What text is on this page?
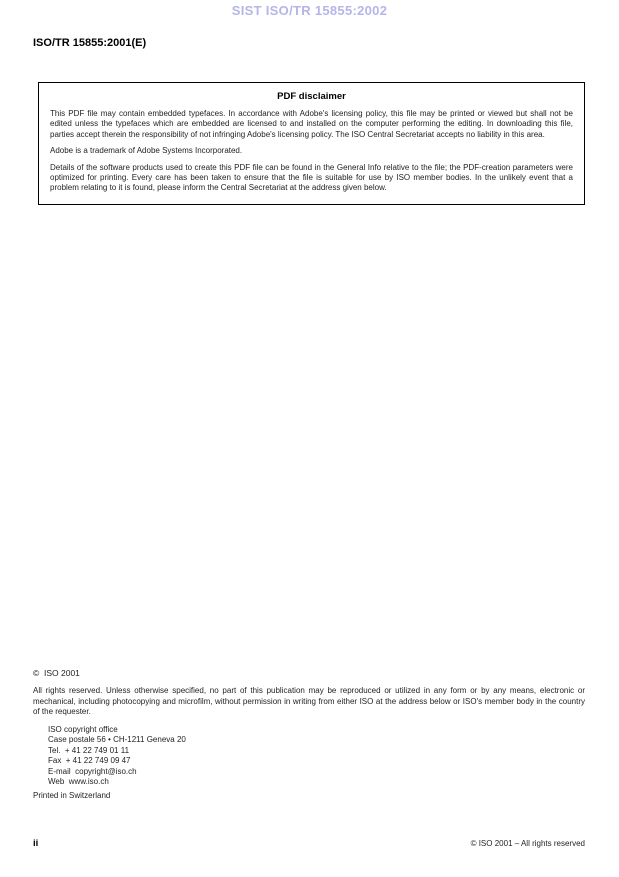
SIST ISO/TR 15855:2002
ISO/TR 15855:2001(E)
PDF disclaimer

This PDF file may contain embedded typefaces. In accordance with Adobe's licensing policy, this file may be printed or viewed but shall not be edited unless the typefaces which are embedded are licensed to and installed on the computer performing the editing. In downloading this file, parties accept therein the responsibility of not infringing Adobe's licensing policy. The ISO Central Secretariat accepts no liability in this area.

Adobe is a trademark of Adobe Systems Incorporated.

Details of the software products used to create this PDF file can be found in the General Info relative to the file; the PDF-creation parameters were optimized for printing. Every care has been taken to ensure that the file is suitable for use by ISO member bodies. In the unlikely event that a problem relating to it is found, please inform the Central Secretariat at the address given below.

©  ISO 2001

All rights reserved. Unless otherwise specified, no part of this publication may be reproduced or utilized in any form or by any means, electronic or mechanical, including photocopying and microfilm, without permission in writing from either ISO at the address below or ISO's member body in the country of the requester.

ISO copyright office
Case postale 56 • CH-1211 Geneva 20
Tel.  + 41 22 749 01 11
Fax  + 41 22 749 09 47
E-mail  copyright@iso.ch
Web  www.iso.ch
Printed in Switzerland
ii	© ISO 2001 – All rights reserved
